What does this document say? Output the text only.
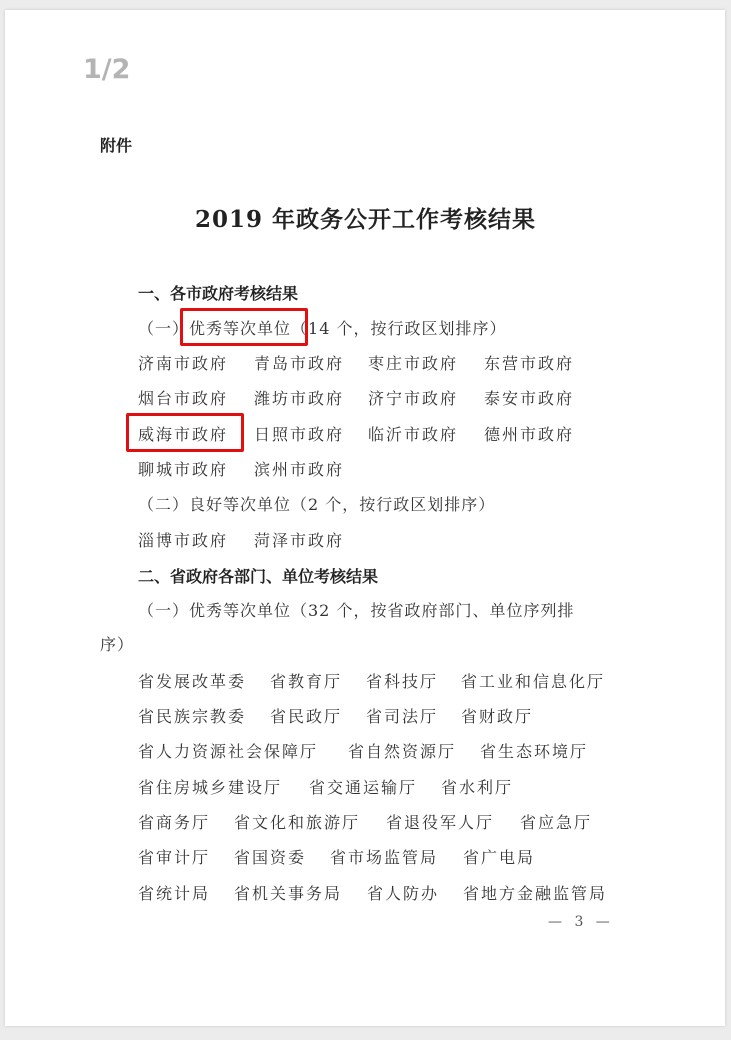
1/2
附件
2019 年政务公开工作考核结果
一、各市政府考核结果
（一）优秀等次单位（14 个，按行政区划排序）
济南市政府	青岛市政府	枣庄市政府	东营市政府
烟台市政府	潍坊市政府	济宁市政府	泰安市政府
威海市政府	日照市政府	临沂市政府	德州市政府
聊城市政府	滨州市政府
（二）良好等次单位（2 个，按行政区划排序）
淄博市政府	菏泽市政府
二、省政府各部门、单位考核结果
（一）优秀等次单位（32 个，按省政府部门、单位序列排
序）
省发展改革委	省教育厅	省科技厅	省工业和信息化厅
省民族宗教委	省民政厅	省司法厅	省财政厅
省人力资源社会保障厅	省自然资源厅	省生态环境厅
省住房城乡建设厅	省交通运输厅	省水利厅
省商务厅	省文化和旅游厅	省退役军人厅	省应急厅
省审计厅	省国资委	省市场监管局	省广电局
省统计局	省机关事务局	省人防办	省地方金融监管局
— 3 —
